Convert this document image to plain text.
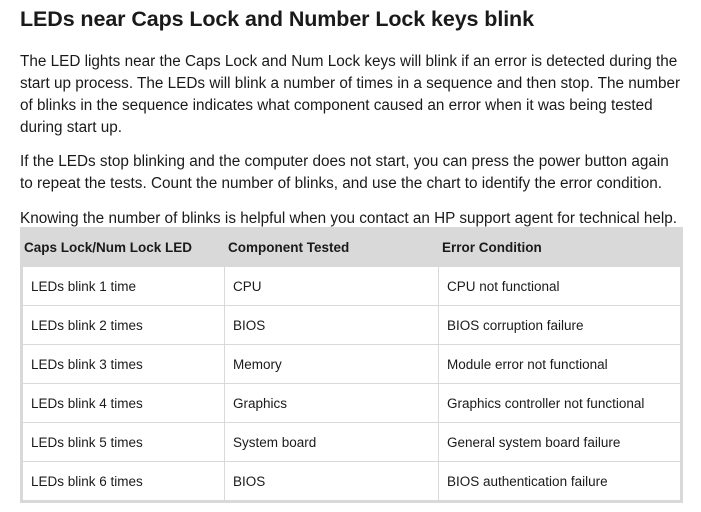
LEDs near Caps Lock and Number Lock keys blink

The LED lights near the Caps Lock and Num Lock keys will blink if an error is detected during the start up process. The LEDs will blink a number of times in a sequence and then stop. The number of blinks in the sequence indicates what component caused an error when it was being tested during start up.

If the LEDs stop blinking and the computer does not start, you can press the power button again to repeat the tests. Count the number of blinks, and use the chart to identify the error condition.

Knowing the number of blinks is helpful when you contact an HP support agent for technical help.

Caps Lock/Num Lock LED	Component Tested	Error Condition
LEDs blink 1 time	CPU	CPU not functional
LEDs blink 2 times	BIOS	BIOS corruption failure
LEDs blink 3 times	Memory	Module error not functional
LEDs blink 4 times	Graphics	Graphics controller not functional
LEDs blink 5 times	System board	General system board failure
LEDs blink 6 times	BIOS	BIOS authentication failure
